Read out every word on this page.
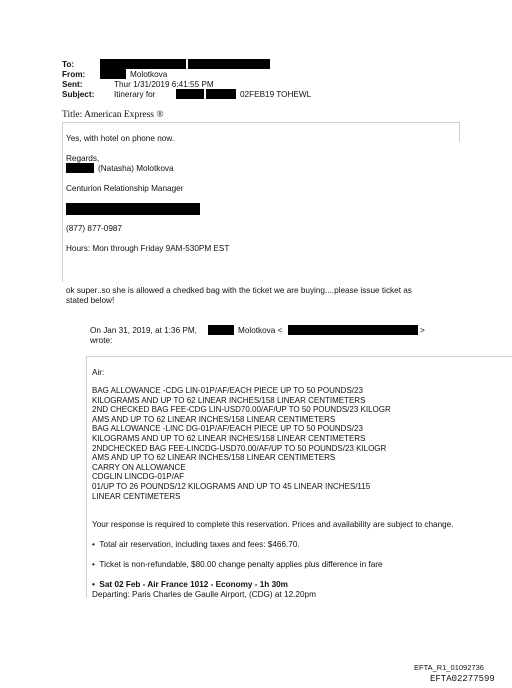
To:
From:	Molotkova
Sent:	Thur 1/31/2019 6:41:55 PM
Subject: Itinerary for	02FEB19 TOHEWL
Title: American Express ®
Yes, with hotel on phone now.
Regards,
(Natasha) Molotkova
Centurion Relationship Manager
(877) 877-0987
Hours: Mon through Friday 9AM-530PM EST
ok super..so she is allowed a chedked bag with the ticket we are buying....please issue ticket as
stated below!
On Jan 31, 2019, at 1:36 PM,	Molotkova <	>
wrote:
Air:
BAG ALLOWANCE -CDG LIN-01P/AF/EACH PIECE UP TO 50 POUNDS/23
KILOGRAMS AND UP TO 62 LINEAR INCHES/158 LINEAR CENTIMETERS
2ND CHECKED BAG FEE-CDG LIN-USD70.00/AF/UP TO 50 POUNDS/23 KILOGR
AMS AND UP TO 62 LINEAR INCHES/158 LINEAR CENTIMETERS
BAG ALLOWANCE -LINC DG-01P/AF/EACH PIECE UP TO 50 POUNDS/23
KILOGRAMS AND UP TO 62 LINEAR INCHES/158 LINEAR CENTIMETERS
2NDCHECKED BAG FEE-LINCDG-USD70.00/AF/UP TO 50 POUNDS/23 KILOGR
AMS AND UP TO 62 LINEAR INCHES/158 LINEAR CENTIMETERS
CARRY ON ALLOWANCE
CDGLIN LINCDG-01P/AF
01/UP TO 26 POUNDS/12 KILOGRAMS AND UP TO 45 LINEAR INCHES/115
LINEAR CENTIMETERS
Your response is required to complete this reservation. Prices and availability are subject to change.
•  Total air reservation, including taxes and fees: $466.70.
•  Ticket is non-refundable, $80.00 change penalty applies plus difference in fare
•  Sat 02 Feb - Air France 1012 - Economy - 1h 30m
Departing: Paris Charles de Gaulle Airport, (CDG) at 12.20pm
EFTA_R1_01092736
EFTA02277599
